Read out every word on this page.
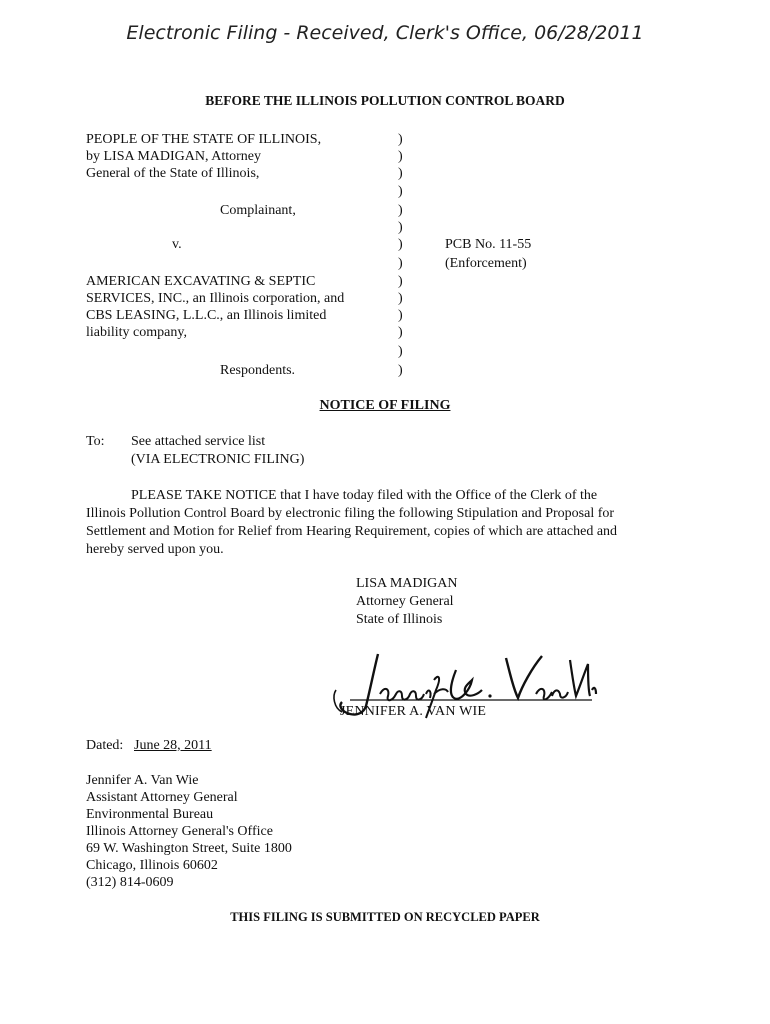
Electronic Filing - Received, Clerk's Office, 06/28/2011
BEFORE THE ILLINOIS POLLUTION CONTROL BOARD
PEOPLE OF THE STATE OF ILLINOIS,
by LISA MADIGAN, Attorney
General of the State of Illinois,
Complainant,
v.
AMERICAN EXCAVATING & SEPTIC
SERVICES, INC., an Illinois corporation, and
CBS LEASING, L.L.C., an Illinois limited
liability company,
Respondents.
)
)
)
)
)
)
)
)
)
)
)
)
)
)
PCB No. 11-55
(Enforcement)
NOTICE OF FILING
To: See attached service list
(VIA ELECTRONIC FILING)
PLEASE TAKE NOTICE that I have today filed with the Office of the Clerk of the
Illinois Pollution Control Board by electronic filing the following Stipulation and Proposal for
Settlement and Motion for Relief from Hearing Requirement, copies of which are attached and
hereby served upon you.
LISA MADIGAN
Attorney General
State of Illinois
JENNIFER A. VAN WIE
Dated: June 28, 2011
Jennifer A. Van Wie
Assistant Attorney General
Environmental Bureau
Illinois Attorney General's Office
69 W. Washington Street, Suite 1800
Chicago, Illinois 60602
(312) 814-0609
THIS FILING IS SUBMITTED ON RECYCLED PAPER
